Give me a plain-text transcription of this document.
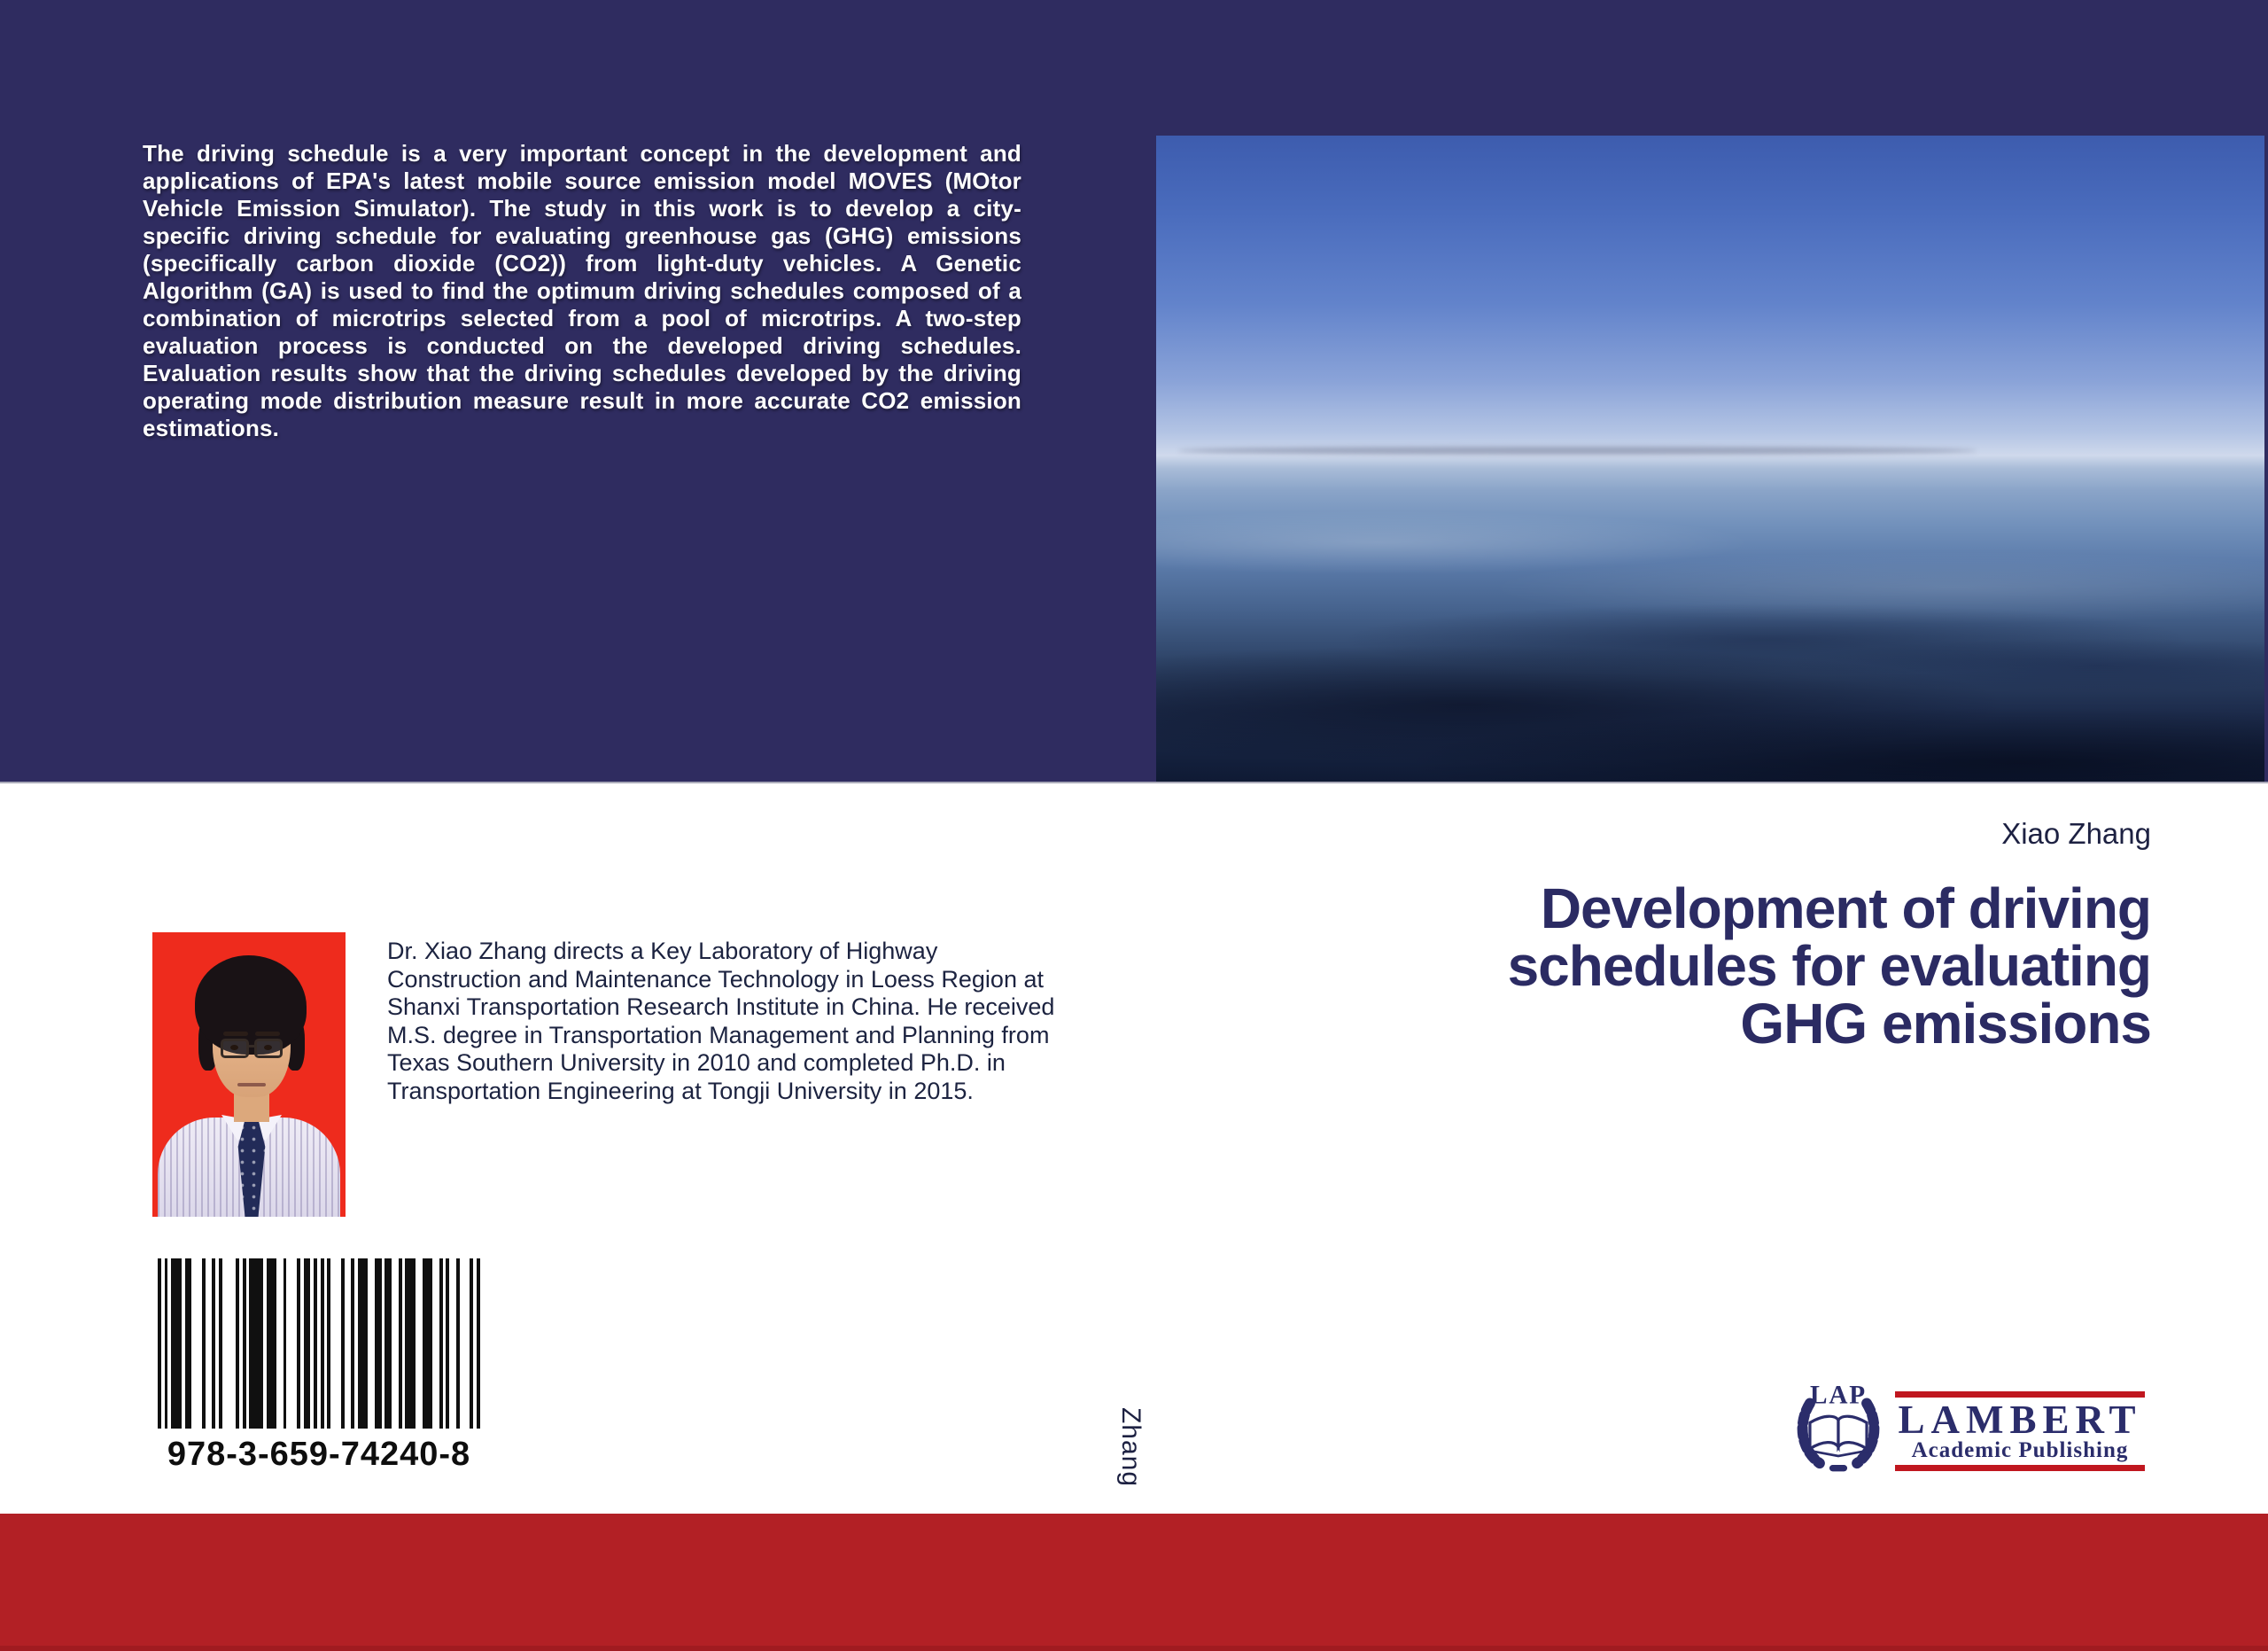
The driving schedule is a very important concept in the development and applications of EPA's latest mobile source emission model MOVES (MOtor Vehicle Emission Simulator). The study in this work is to develop a city-specific driving schedule for evaluating greenhouse gas (GHG) emissions (specifically carbon dioxide (CO2)) from light-duty vehicles. A Genetic Algorithm (GA) is used to find the optimum driving schedules composed of a combination of microtrips selected from a pool of microtrips. A two-step evaluation process is conducted on the developed driving schedules. Evaluation results show that the driving schedules developed by the driving operating mode distribution measure result in more accurate CO2 emission estimations.

Xiao Zhang
Development of driving
schedules for evaluating
GHG emissions

Dr. Xiao Zhang directs a Key Laboratory of Highway Construction and Maintenance Technology in Loess Region at Shanxi Transportation Research Institute in China. He received M.S. degree in Transportation Management and Planning from Texas Southern University in 2010 and completed Ph.D. in Transportation Engineering at Tongji University in 2015.

978-3-659-74240-8	Zhang
LAP
LAMBERT
Academic Publishing
